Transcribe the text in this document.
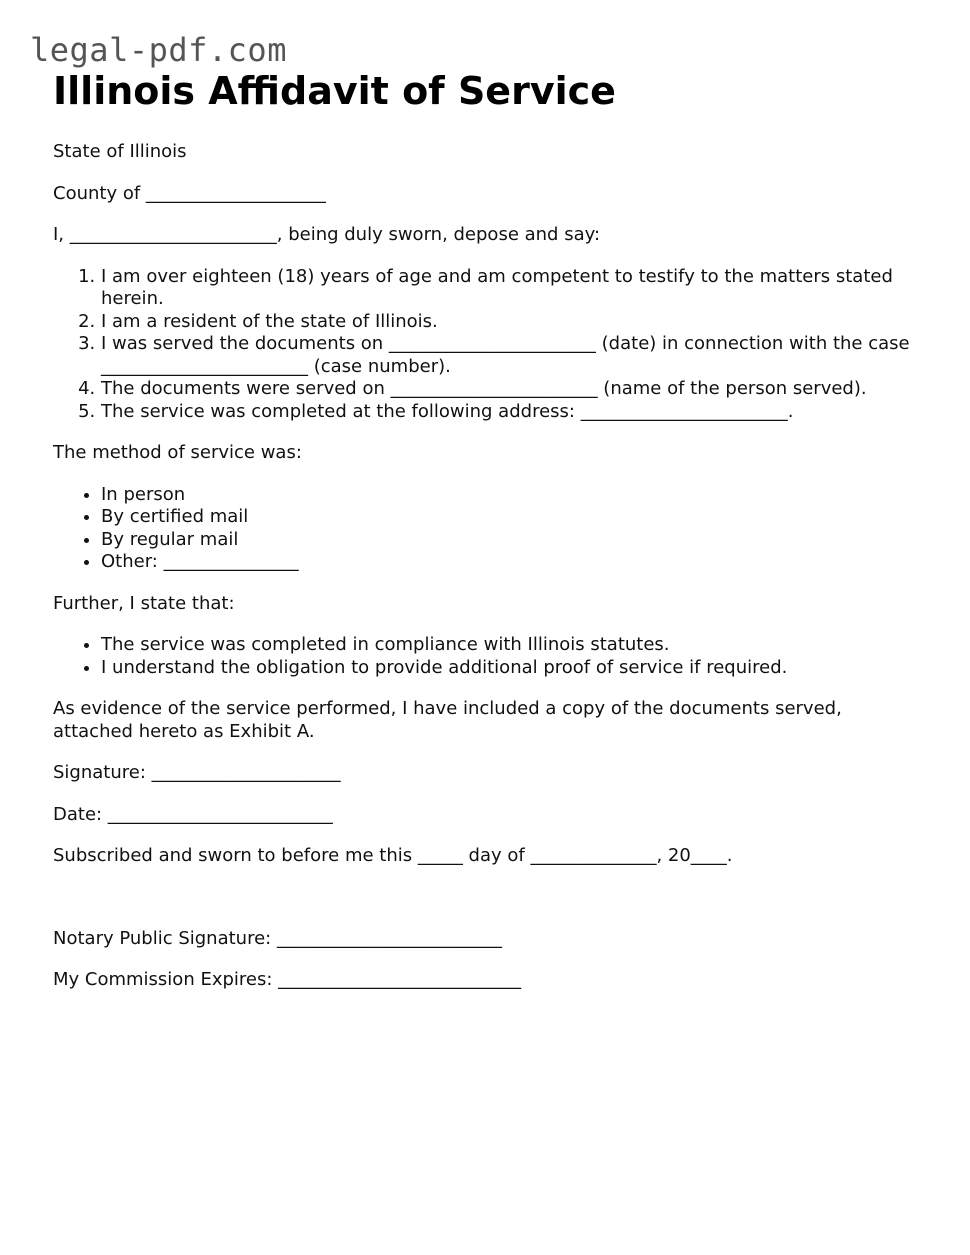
legal-pdf.com
Illinois Affidavit of Service

State of Illinois

County of ____________________

I, _______________________, being duly sworn, depose and say:

1. I am over eighteen (18) years of age and am competent to testify to the matters stated herein.
2. I am a resident of the state of Illinois.
3. I was served the documents on _______________________ (date) in connection with the case _______________________ (case number).
4. The documents were served on _______________________ (name of the person served).
5. The service was completed at the following address: _______________________.

The method of service was:

• In person
• By certified mail
• By regular mail
• Other: _______________

Further, I state that:

• The service was completed in compliance with Illinois statutes.
• I understand the obligation to provide additional proof of service if required.

As evidence of the service performed, I have included a copy of the documents served, attached hereto as Exhibit A.

Signature: _____________________

Date: _________________________

Subscribed and sworn to before me this _____ day of ______________, 20____.

Notary Public Signature: _________________________

My Commission Expires: ___________________________
